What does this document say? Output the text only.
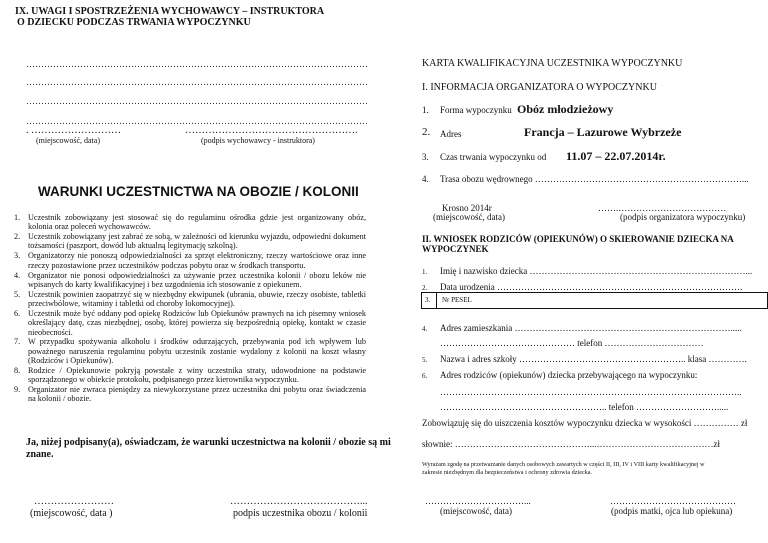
IX. UWAGI I SPOSTRZEŻENIA WYCHOWAWCY – INSTRUKTORA
O DZIECKU PODCZAS TRWANIA WYPOCZYNKU
……………………………………………………………………………………………………
……………………………………………………………………………………………………
……………………………………………………………………………………………………
……………………………………………………………………………………………………
. ………………………
(miejscowość, data)
…………………………………………….
(podpis wychowawcy - instruktora)
WARUNKI UCZESTNICTWA NA OBOZIE / KOLONII
1. Uczestnik zobowiązany jest stosować się do regulaminu ośrodka gdzie jest organizowany obóz, kolonia oraz poleceń wychowawców.
2. Uczestnik zobowiązany jest zabrać ze sobą, w zależności od kierunku wyjazdu, odpowiedni dokument tożsamości (paszport, dowód lub aktualną legitymację szkolną).
3. Organizatorzy nie ponoszą odpowiedzialności za sprzęt elektroniczny, rzeczy wartościowe oraz inne rzeczy pozostawione przez uczestników podczas pobytu oraz w środkach transportu.
4. Organizator nie ponosi odpowiedzialności za używanie przez uczestnika kolonii / obozu leków nie wpisanych do karty kwalifikacyjnej i bez uzgodnienia ich stosowanie z opiekunem.
5. Uczestnik powinien zaopatrzyć się w niezbędny ekwipunek (ubrania, obuwie, rzeczy osobiste, tabletki przeciwbólowe, witaminy i tabletki od choroby lokomocyjnej).
6. Uczestnik może być oddany pod opiekę Rodziców lub Opiekunów prawnych na ich pisemny wniosek określający datę, czas niezbędnej, osobę, której powierza się bezpośrednią opiekę, kontakt w czasie nieobecności.
7. W przypadku spożywania alkoholu i środków odurzających, przebywania pod ich wpływem lub poważnego naruszenia regulaminu pobytu uczestnik zostanie wydalony z kolonii na koszt własny (Rodziców i Opiekunów).
8. Rodzice / Opiekunowie pokryją powstałe z winy uczestnika straty, udowodnione na podstawie sporządzonego w obiekcie protokołu, podpisanego przez kierownika wypoczynku.
9. Organizator nie zwraca pieniędzy za niewykorzystane przez uczestnika dni pobytu oraz świadczenia na kolonii / obozie.
Ja, niżej podpisany(a), oświadczam, że warunki uczestnictwa na kolonii / obozie są mi
znane.
……………………
(miejscowość, data )
…………………………………...
podpis uczestnika obozu / kolonii
KARTA KWALIFIKACYJNA UCZESTNIKA WYPOCZYNKU
I. INFORMACJA ORGANIZATORA O WYPOCZYNKU
1. Forma wypoczynku Obóz młodzieżowy
2. Adres	Francja – Lazurowe Wybrzeże
3. Czas trwania wypoczynku od 11.07 – 22.07.2014r.
4. Trasa obozu wędrownego ……………………………………………………………...
Krosno 2014r
(miejscowość, data)
…….………………………………
(podpis organizatora wypoczynku)
II. WNIOSEK RODZICÓW (OPIEKUNÓW) O SKIEROWANIE DZIECKA NA
WYPOCZYNEK
1. Imię i nazwisko dziecka ………………………………………………………………...
2. Data urodzenia ……………………………………………………………………….
3. Nr PESEL
4. Adres zamieszkania ……………………………………………………………….....
……………………………………… telefon ……………………………
5. Nazwa i adres szkoły ……………………………………………….. klasa ………….
6. Adres rodziców (opiekunów) dziecka przebywającego na wypoczynku:
………………………………………………………………………………………..
……………………………………………….. telefon ……………………….....
Zobowiązuję się do uiszczenia kosztów wypoczynku dziecka w wysokości …………… zł
słownie: ………………………………………...…………………………………zł
Wyrażam zgodę na przetwarzanie danych osobowych zawartych w części II, III, IV i VIII karty kwalifikacyjnej w
zakresie niezbędnym dla bezpieczeństwa i ochrony zdrowia dziecka.
……………………………...
(miejscowość, data)
……………………………………
(podpis matki, ojca lub opiekuna)
